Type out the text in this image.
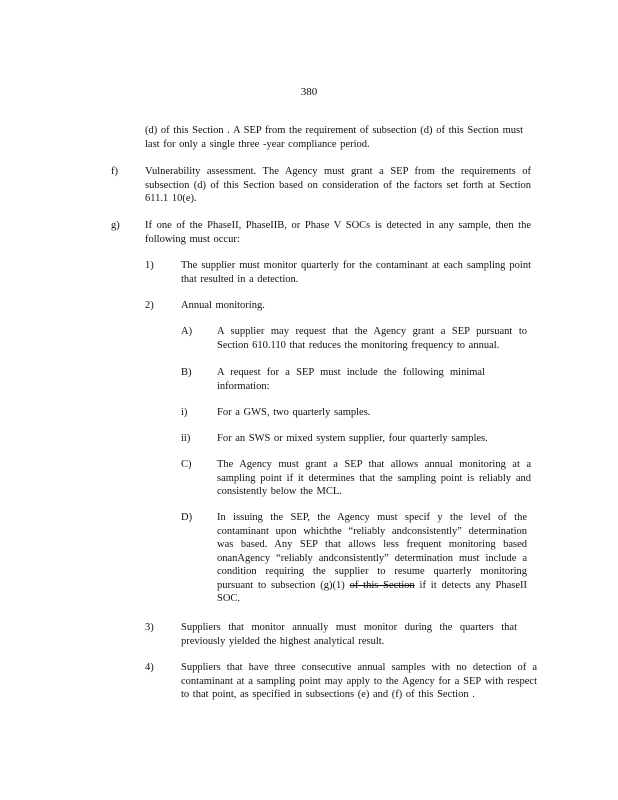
380
(d) of this Section . A SEP from the requirement of subsection (d) of this Section must last for only a single three -year compliance period.
f)	Vulnerability assessment. The Agency must grant a SEP from the requirements of subsection (d) of this Section based on consideration of the factors set forth at Section 611.1 10(e).
g) If one of the PhaseII, PhaseIIB, or Phase V SOCs is detected in any sample, then the following must occur:
1)	The supplier must monitor quarterly for the contaminant at each sampling point that resulted in a detection.
2)	Annual monitoring.
A) A supplier may request that the Agency grant a SEP pursuant to Section 610.110 that reduces the monitoring frequency to annual.
B) A request for a SEP must include the following minimal information:
i)	For a GWS, two quarterly samples.
ii)	For an SWS or mixed system supplier, four quarterly samples.
C) The Agency must grant a SEP that allows annual monitoring at a sampling point if it determines that the sampling point is reliably and consistently below the MCL.
D) In issuing the SEP, the Agency must specif y the level of the contaminant upon whichthe “reliably andconsistently” determination was based. Any SEP that allows less frequent monitoring based onanAgency “reliably andconsistently” determination must include a condition requiring the supplier to resume quarterly monitoring pursuant to subsection (g)(1) of this Section if it detects any PhaseII SOC.
3)	Suppliers that monitor annually must monitor during the quarters that previously yielded the highest analytical result.
4)	Suppliers that have three consecutive annual samples with no detection of a contaminant at a sampling point may apply to the Agency for a SEP with respect to that point, as specified in subsections (e) and (f) of this Section .
